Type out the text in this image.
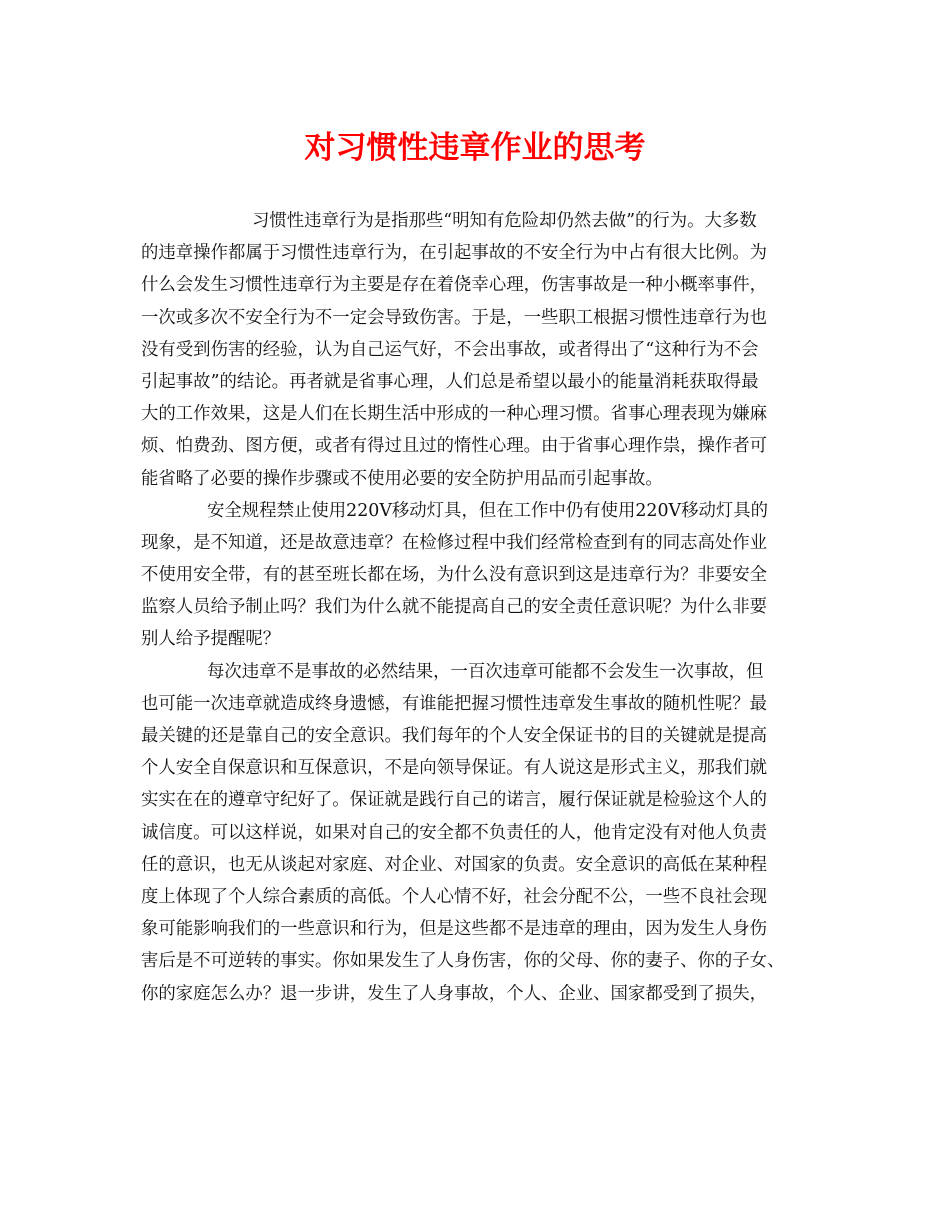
对习惯性违章作业的思考
习惯性违章行为是指那些“明知有危险却仍然去做”的行为。大多数
的违章操作都属于习惯性违章行为，在引起事故的不安全行为中占有很大比例。为
什么会发生习惯性违章行为主要是存在着侥幸心理，伤害事故是一种小概率事件，
一次或多次不安全行为不一定会导致伤害。于是，一些职工根据习惯性违章行为也
没有受到伤害的经验，认为自己运气好，不会出事故，或者得出了“这种行为不会
引起事故”的结论。再者就是省事心理，人们总是希望以最小的能量消耗获取得最
大的工作效果，这是人们在长期生活中形成的一种心理习惯。省事心理表现为嫌麻
烦、怕费劲、图方便，或者有得过且过的惰性心理。由于省事心理作祟，操作者可
能省略了必要的操作步骤或不使用必要的安全防护用品而引起事故。
安全规程禁止使用220V移动灯具，但在工作中仍有使用220V移动灯具的
现象，是不知道，还是故意违章？在检修过程中我们经常检查到有的同志高处作业
不使用安全带，有的甚至班长都在场，为什么没有意识到这是违章行为？非要安全
监察人员给予制止吗？我们为什么就不能提高自己的安全责任意识呢？为什么非要
别人给予提醒呢？
每次违章不是事故的必然结果，一百次违章可能都不会发生一次事故，但
也可能一次违章就造成终身遗憾，有谁能把握习惯性违章发生事故的随机性呢？最
最关键的还是靠自己的安全意识。我们每年的个人安全保证书的目的关键就是提高
个人安全自保意识和互保意识，不是向领导保证。有人说这是形式主义，那我们就
实实在在的遵章守纪好了。保证就是践行自己的诺言，履行保证就是检验这个人的
诚信度。可以这样说，如果对自己的安全都不负责任的人，他肯定没有对他人负责
任的意识，也无从谈起对家庭、对企业、对国家的负责。安全意识的高低在某种程
度上体现了个人综合素质的高低。个人心情不好，社会分配不公，一些不良社会现
象可能影响我们的一些意识和行为，但是这些都不是违章的理由，因为发生人身伤
害后是不可逆转的事实。你如果发生了人身伤害，你的父母、你的妻子、你的子女、
你的家庭怎么办？退一步讲，发生了人身事故，个人、企业、国家都受到了损失，
